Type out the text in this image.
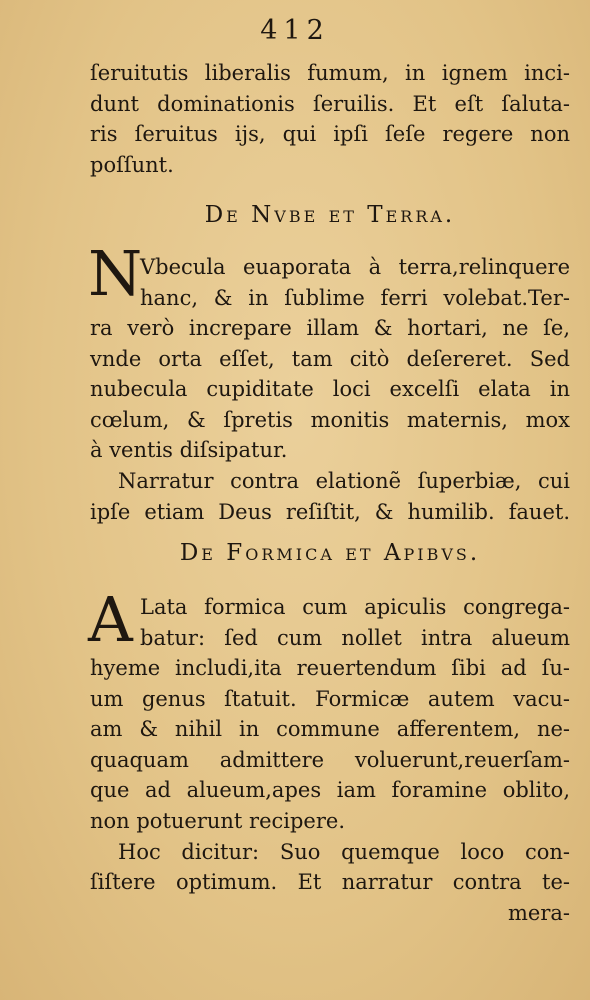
412
ſeruitutis liberalis fumum, in ignem inci-
dunt dominationis ſeruilis. Et eſt ſaluta-
ris ſeruitus ijs, qui ipſi ſeſe regere non
poſſunt.
De Nvbe et Terra.
N
Vbecula euaporata à terra,relinquere
hanc, & in ſublime ferri volebat.Ter-
ra verò increpare illam & hortari, ne ſe,
vnde orta eſſet, tam citò deſereret. Sed
nubecula cupiditate loci excelſi elata in
cœlum, & ſpretis monitis maternis, mox
à ventis diſsipatur.
Narratur contra elationẽ ſuperbiæ, cui
ipſe etiam Deus reſiſtit, & humilib. fauet.
De Formica et Apibvs.
A Lata formica cum apiculis congrega-
batur: ſed cum nollet intra alueum
hyeme includi,ita reuertendum ſibi ad ſu-
um genus ſtatuit. Formicæ autem vacu-
am & nihil in commune afferentem, ne-
quaquam admittere voluerunt,reuerſam-
que ad alueum,apes iam foramine oblito,
non potuerunt recipere.
Hoc dicitur: Suo quemque loco con-
ſiſtere optimum. Et narratur contra te-
mera-
